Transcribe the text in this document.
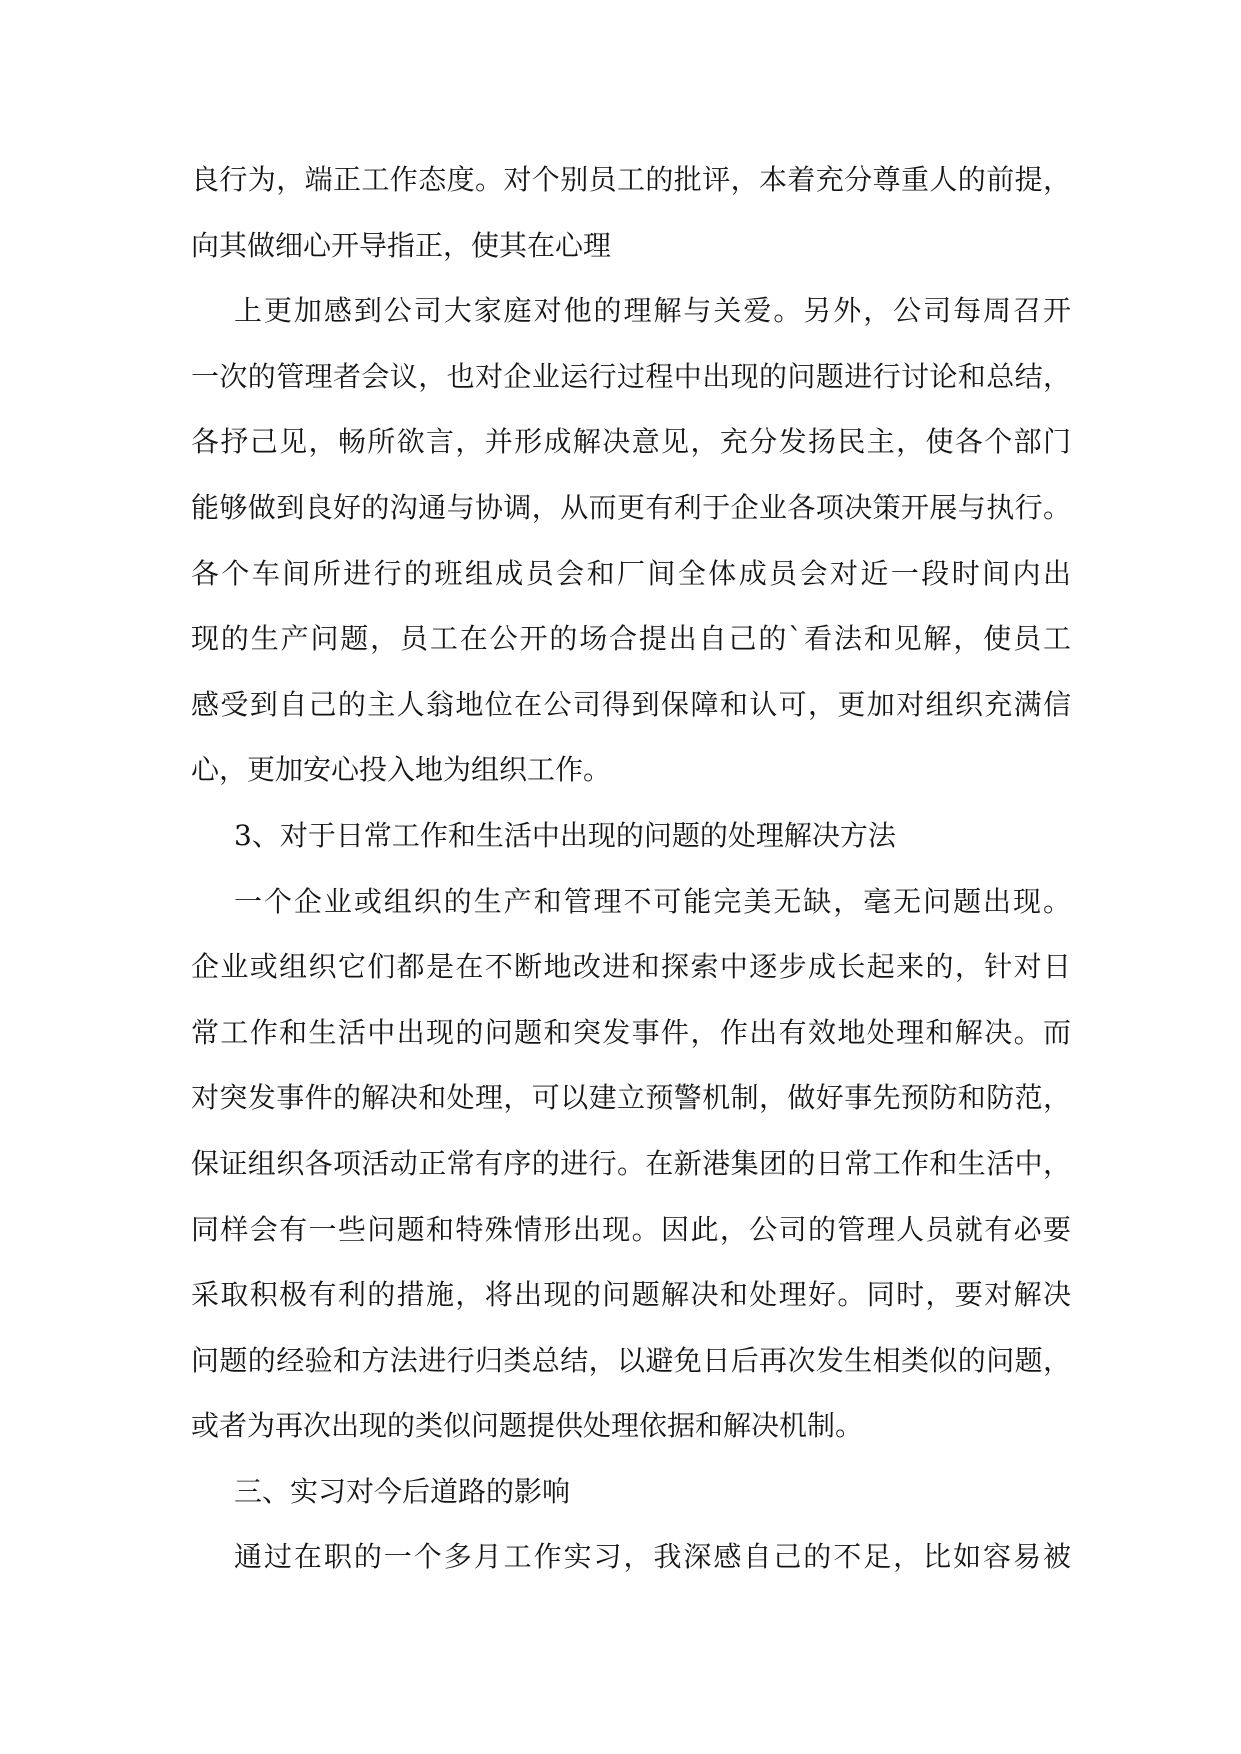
良行为，端正工作态度。对个别员工的批评，本着充分尊重人的前提，
向其做细心开导指正，使其在心理
上更加感到公司大家庭对他的理解与关爱。另外，公司每周召开
一次的管理者会议，也对企业运行过程中出现的问题进行讨论和总结，
各抒己见，畅所欲言，并形成解决意见，充分发扬民主，使各个部门
能够做到良好的沟通与协调，从而更有利于企业各项决策开展与执行。
各个车间所进行的班组成员会和厂间全体成员会对近一段时间内出
现的生产问题，员工在公开的场合提出自己的`看法和见解，使员工
感受到自己的主人翁地位在公司得到保障和认可，更加对组织充满信
心，更加安心投入地为组织工作。
3、对于日常工作和生活中出现的问题的处理解决方法
一个企业或组织的生产和管理不可能完美无缺，毫无问题出现。
企业或组织它们都是在不断地改进和探索中逐步成长起来的，针对日
常工作和生活中出现的问题和突发事件，作出有效地处理和解决。而
对突发事件的解决和处理，可以建立预警机制，做好事先预防和防范，
保证组织各项活动正常有序的进行。在新港集团的日常工作和生活中，
同样会有一些问题和特殊情形出现。因此，公司的管理人员就有必要
采取积极有利的措施，将出现的问题解决和处理好。同时，要对解决
问题的经验和方法进行归类总结，以避免日后再次发生相类似的问题，
或者为再次出现的类似问题提供处理依据和解决机制。
三、实习对今后道路的影响
通过在职的一个多月工作实习，我深感自己的不足，比如容易被
